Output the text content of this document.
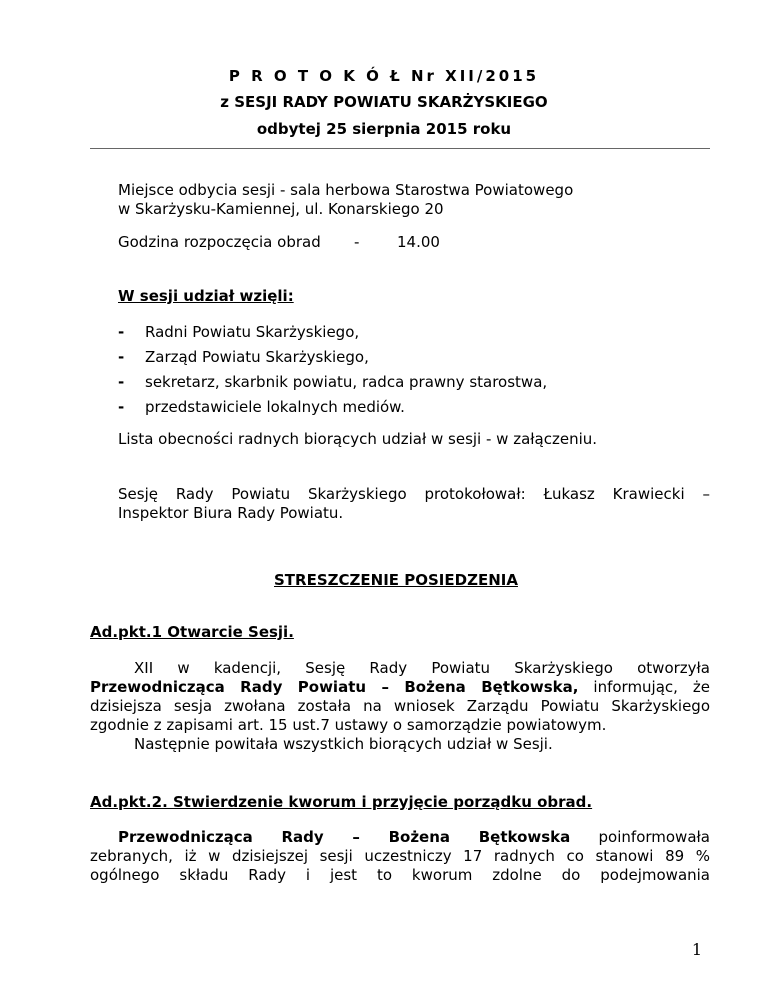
P R O T O K Ó Ł Nr XII/2015
z SESJI RADY POWIATU SKARŻYSKIEGO
odbytej 25 sierpnia 2015 roku
Miejsce odbycia sesji - sala herbowa Starostwa Powiatowego
w Skarżysku-Kamiennej, ul. Konarskiego 20
Godzina rozpoczęcia obrad -	14.00
W sesji udział wzięli:
- Radni Powiatu Skarżyskiego,
- Zarząd Powiatu Skarżyskiego,
- sekretarz, skarbnik powiatu, radca prawny starostwa,
- przedstawiciele lokalnych mediów.
Lista obecności radnych biorących udział w sesji - w załączeniu.
Sesję Rady Powiatu Skarżyskiego protokołował: Łukasz Krawiecki –
Inspektor Biura Rady Powiatu.
STRESZCZENIE POSIEDZENIA
Ad.pkt.1 Otwarcie Sesji.
XII w kadencji, Sesję Rady Powiatu Skarżyskiego otworzyła
Przewodnicząca Rady Powiatu – Bożena Bętkowska, informując, że
dzisiejsza sesja zwołana została na wniosek Zarządu Powiatu Skarżyskiego
zgodnie z zapisami art. 15 ust.7 ustawy o samorządzie powiatowym.
Następnie powitała wszystkich biorących udział w Sesji.
Ad.pkt.2. Stwierdzenie kworum i przyjęcie porządku obrad.
Przewodnicząca Rady – Bożena Bętkowska poinformowała
zebranych, iż w dzisiejszej sesji uczestniczy 17 radnych co stanowi 89 %
ogólnego składu Rady i jest to kworum zdolne do podejmowania
1
